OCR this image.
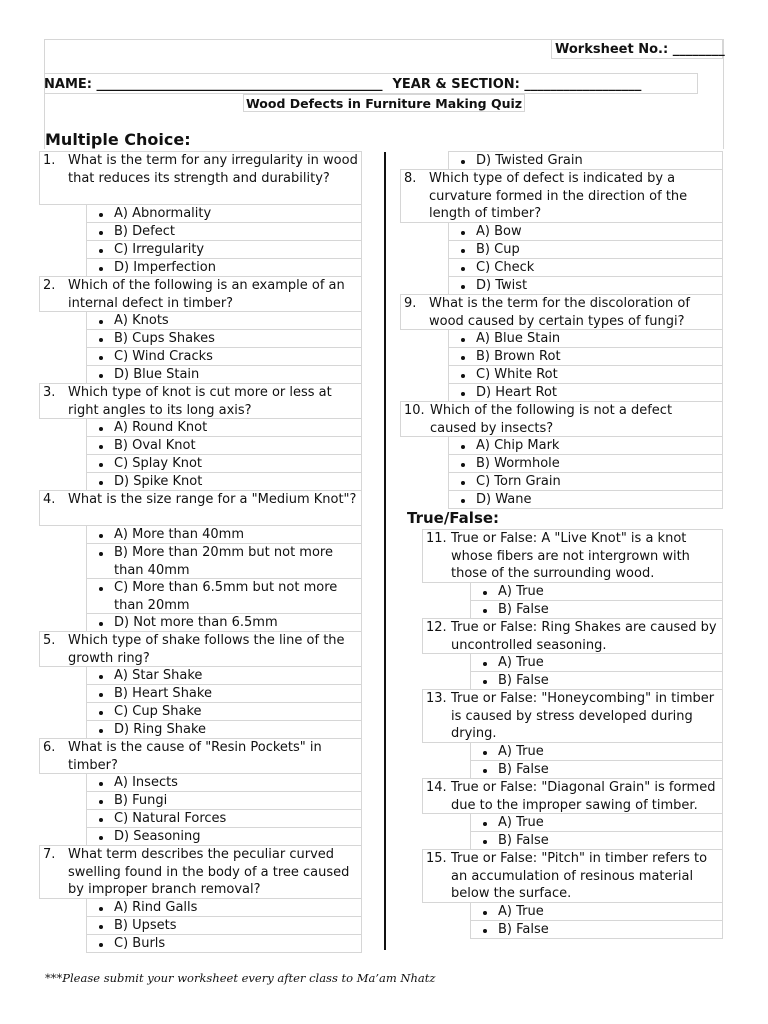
Worksheet No.: ________
NAME: ____________________________________________ YEAR & SECTION: __________________
Wood Defects in Furniture Making Quiz
Multiple Choice:
True/False:
1. What is the term for any irregularity in wood that reduces its strength and durability?
A) Abnormality
B) Defect
C) Irregularity
D) Imperfection
2. Which of the following is an example of an internal defect in timber?
A) Knots
B) Cups Shakes
C) Wind Cracks
D) Blue Stain
3. Which type of knot is cut more or less at right angles to its long axis?
A) Round Knot
B) Oval Knot
C) Splay Knot
D) Spike Knot
4. What is the size range for a "Medium Knot"?
A) More than 40mm
B) More than 20mm but not more than 40mm
C) More than 6.5mm but not more than 20mm
D) Not more than 6.5mm
5. Which type of shake follows the line of the growth ring?
A) Star Shake
B) Heart Shake
C) Cup Shake
D) Ring Shake
6. What is the cause of "Resin Pockets" in timber?
A) Insects
B) Fungi
C) Natural Forces
D) Seasoning
7. What term describes the peculiar curved swelling found in the body of a tree caused by improper branch removal?
A) Rind Galls
B) Upsets
C) Burls
D) Twisted Grain
8. Which type of defect is indicated by a curvature formed in the direction of the length of timber?
A) Bow
B) Cup
C) Check
D) Twist
9. What is the term for the discoloration of wood caused by certain types of fungi?
A) Blue Stain
B) Brown Rot
C) White Rot
D) Heart Rot
10. Which of the following is not a defect caused by insects?
A) Chip Mark
B) Wormhole
C) Torn Grain
D) Wane
11. True or False: A "Live Knot" is a knot whose fibers are not intergrown with those of the surrounding wood.
A) True
B) False
12. True or False: Ring Shakes are caused by uncontrolled seasoning.
A) True
B) False
13. True or False: "Honeycombing" in timber is caused by stress developed during drying.
A) True
B) False
14. True or False: "Diagonal Grain" is formed due to the improper sawing of timber.
A) True
B) False
15. True or False: "Pitch" in timber refers to an accumulation of resinous material below the surface.
A) True
B) False
***Please submit your worksheet every after class to Ma’am Nhatz
